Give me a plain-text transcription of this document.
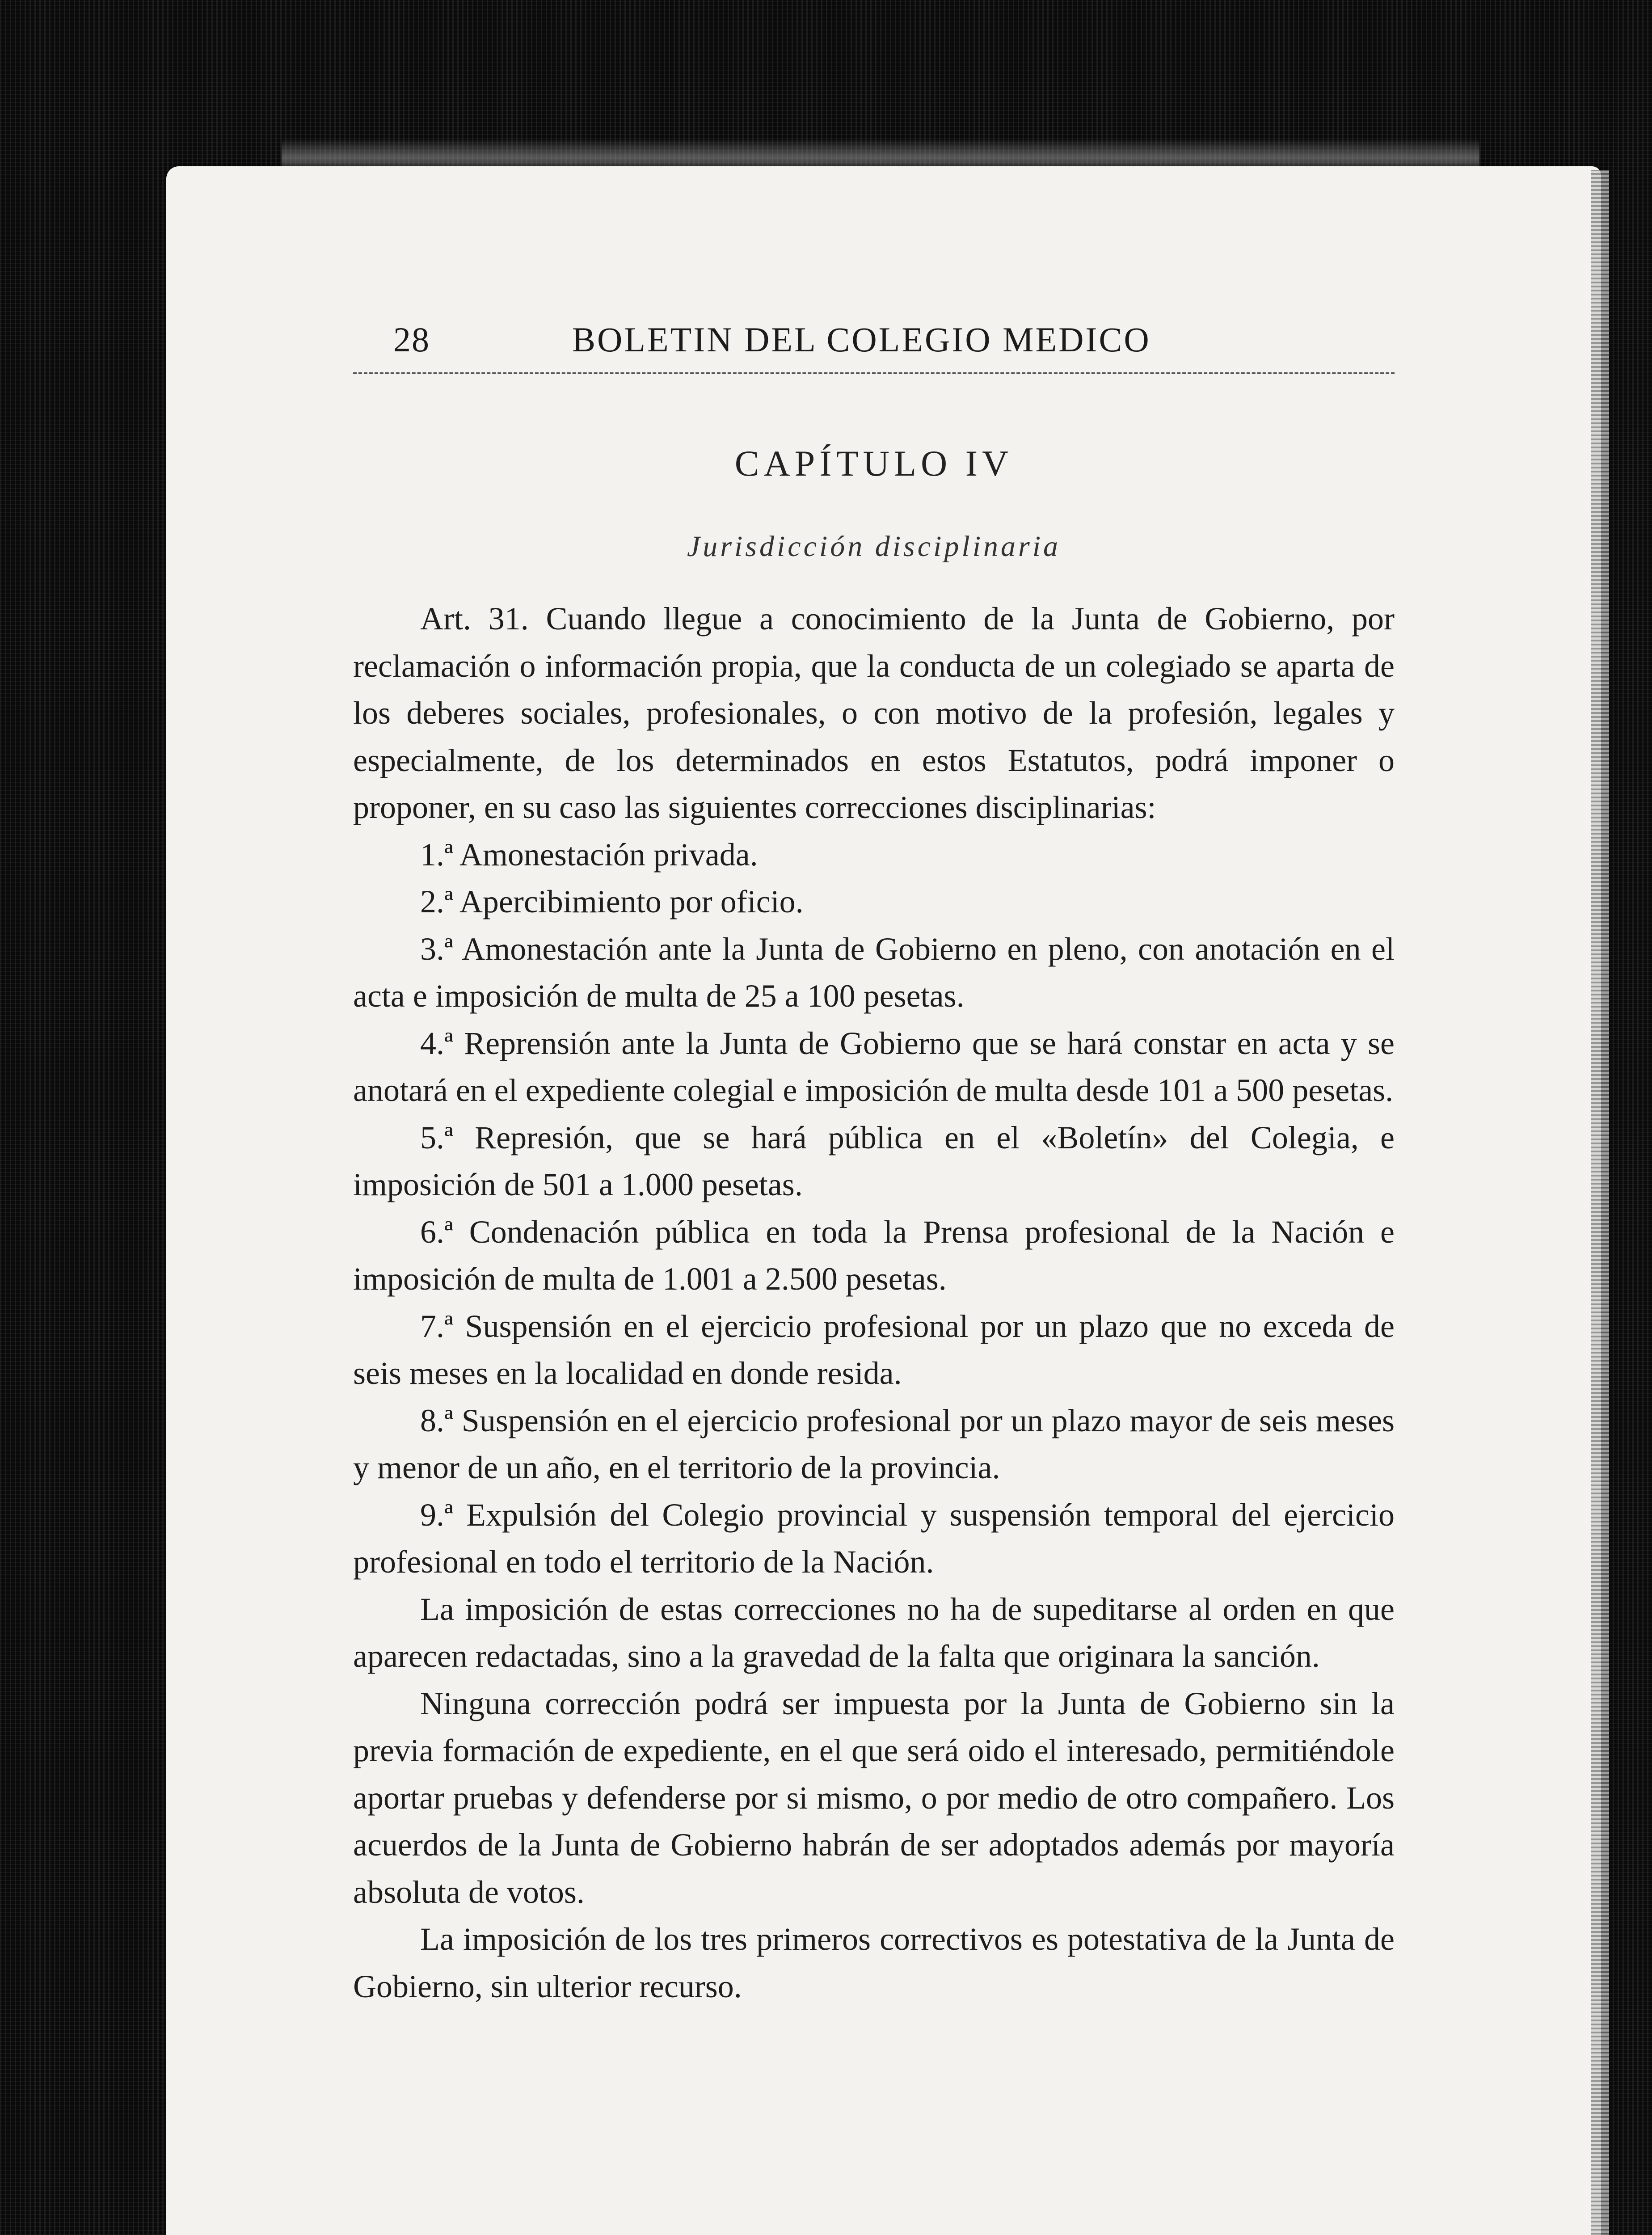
28	BOLETIN DEL COLEGIO MEDICO
CAPÍTULO IV
Jurisdicción disciplinaria

Art. 31. Cuando llegue a conocimiento de la Junta de Gobierno, por reclamación o información propia, que la conducta de un colegiado se aparta de los deberes sociales, profesionales, o con motivo de la profesión, legales y especialmente, de los determinados en estos Estatutos, podrá imponer o proponer, en su caso las siguientes correcciones disciplinarias:

1.ª Amonestación privada.

2.ª Apercibimiento por oficio.

3.ª Amonestación ante la Junta de Gobierno en pleno, con anotación en el acta e imposición de multa de 25 a 100 pesetas.

4.ª Reprensión ante la Junta de Gobierno que se hará constar en acta y se anotará en el expediente colegial e imposición de multa desde 101 a 500 pesetas.

5.ª Represión, que se hará pública en el «Boletín» del Colegia, e imposición de 501 a 1.000 pesetas.

6.ª Condenación pública en toda la Prensa profesional de la Nación e imposición de multa de 1.001 a 2.500 pesetas.

7.ª Suspensión en el ejercicio profesional por un plazo que no exceda de seis meses en la localidad en donde resida.

8.ª Suspensión en el ejercicio profesional por un plazo mayor de seis meses y menor de un año, en el territorio de la provincia.

9.ª Expulsión del Colegio provincial y suspensión temporal del ejercicio profesional en todo el territorio de la Nación.

La imposición de estas correcciones no ha de supeditarse al orden en que aparecen redactadas, sino a la gravedad de la falta que originara la sanción.

Ninguna corrección podrá ser impuesta por la Junta de Gobierno sin la previa formación de expediente, en el que será oido el interesado, permitiéndole aportar pruebas y defenderse por si mismo, o por medio de otro compañero. Los acuerdos de la Junta de Gobierno habrán de ser adoptados además por mayoría absoluta de votos.

La imposición de los tres primeros correctivos es potestativa de la Junta de Gobierno, sin ulterior recurso.
